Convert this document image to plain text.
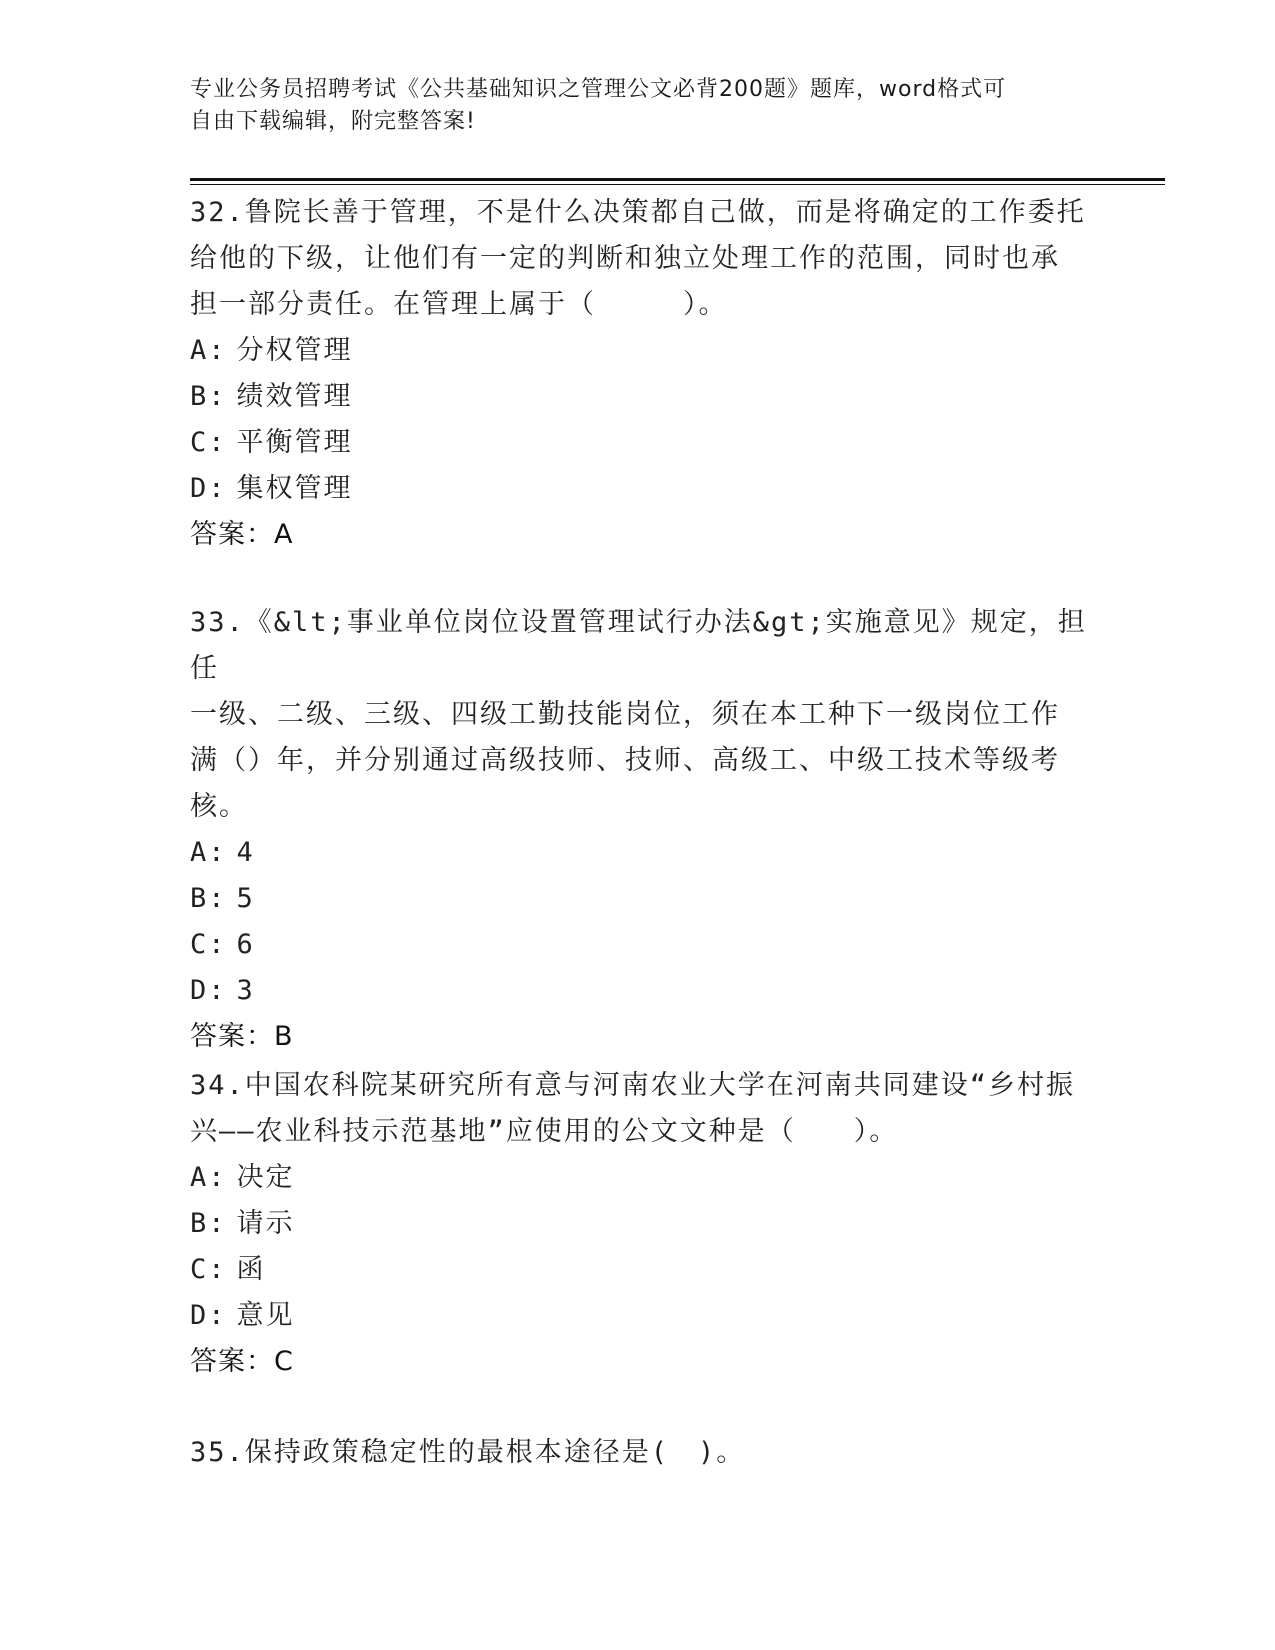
专业公务员招聘考试《公共基础知识之管理公文必背200题》题库，word格式可
自由下载编辑，附完整答案!

32.鲁院长善于管理，不是什么决策都自己做，而是将确定的工作委托

给他的下级，让他们有一定的判断和独立处理工作的范围，同时也承

担一部分责任。在管理上属于（　　　）。

A: 分权管理

B: 绩效管理

C: 平衡管理

D: 集权管理

答案：A

33.《&lt;事业单位岗位设置管理试行办法&gt;实施意见》规定，担任

一级、二级、三级、四级工勤技能岗位，须在本工种下一级岗位工作

满（）年，并分别通过高级技师、技师、高级工、中级工技术等级考

核。

A: 4

B: 5

C: 6

D: 3

答案：B

34.中国农科院某研究所有意与河南农业大学在河南共同建设“乡村振

兴——农业科技示范基地”应使用的公文文种是（　　）。

A: 决定

B: 请示

C: 函

D: 意见

答案：C

35.保持政策稳定性的最根本途径是(　)。
